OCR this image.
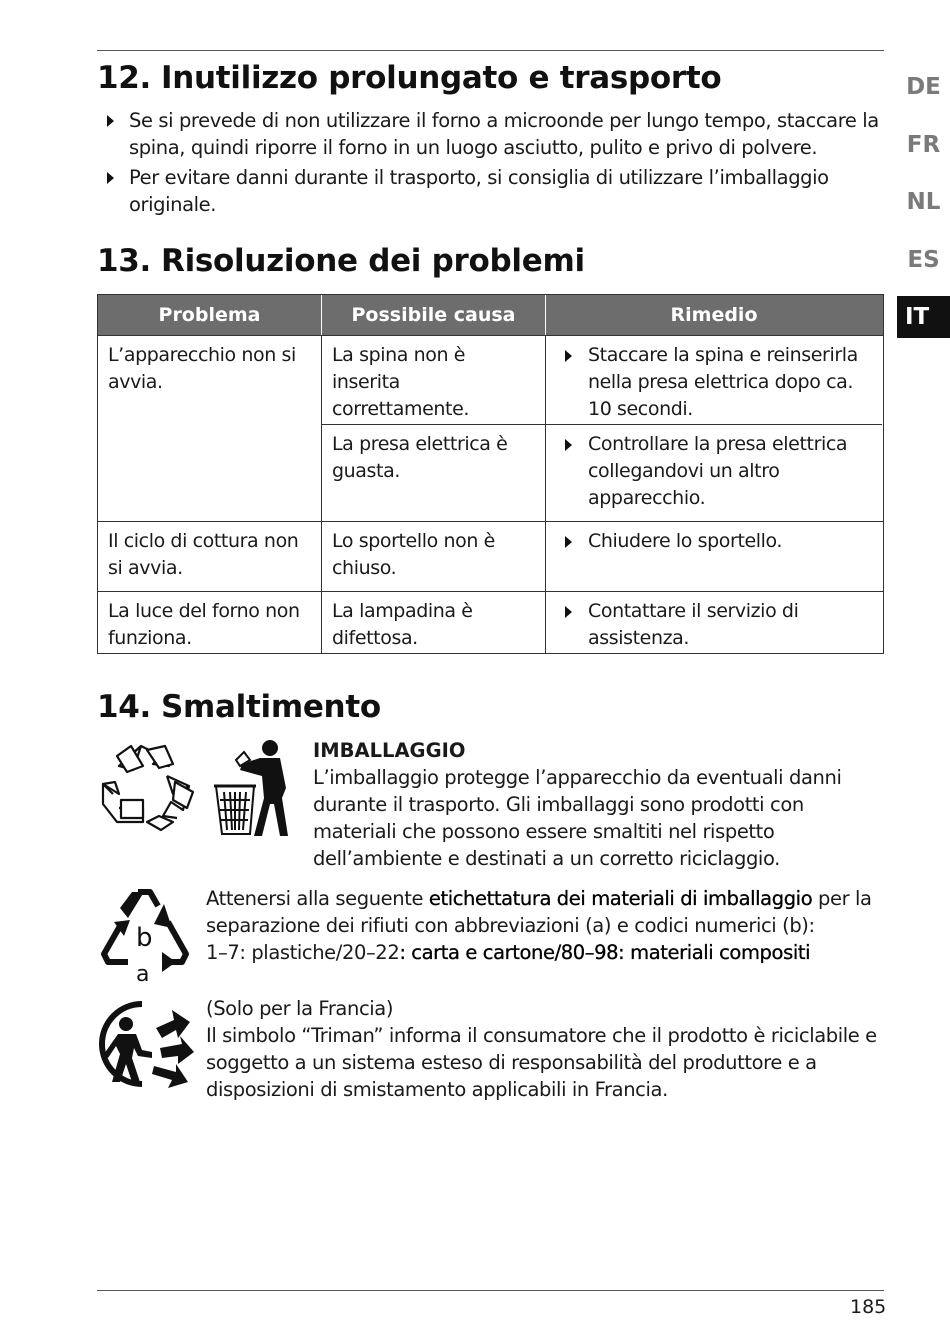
12. Inutilizzo prolungato e trasporto
Se si prevede di non utilizzare il forno a microonde per lungo tempo, staccare la spina, quindi riporre il forno in un luogo asciutto, pulito e privo di polvere.
Per evitare danni durante il trasporto, si consiglia di utilizzare l’imballaggio originale.
13. Risoluzione dei problemi
Problema	Possibile causa	Rimedio
L’apparecchio non si avvia.
La spina non è inserita correttamente.
Staccare la spina e reinserirla nella presa elettrica dopo ca. 10 secondi.
La presa elettrica è guasta.
Controllare la presa elettrica collegandovi un altro apparecchio.
Il ciclo di cottura non si avvia.
Lo sportello non è chiuso.
Chiudere lo sportello.
La luce del forno non funziona.
La lampadina è difettosa.
Contattare il servizio di assistenza.
14. Smaltimento
IMBALLAGGIO
L’imballaggio protegge l’apparecchio da eventuali danni durante il trasporto. Gli imballaggi sono prodotti con materiali che possono essere smaltiti nel rispetto dell’ambiente e destinati a un corretto riciclaggio.
b
a
Attenersi alla seguente etichettatura dei materiali di imballaggio per la separazione dei rifiuti con abbreviazioni (a) e codici numerici (b):
1–7: plastiche/20–22: carta e cartone/80–98: materiali compositi
(Solo per la Francia)
Il simbolo “Triman” informa il consumatore che il prodotto è riciclabile e soggetto a un sistema esteso di responsabilità del produttore e a disposizioni di smistamento applicabili in Francia.
DE
FR
NL
ES
IT
185
